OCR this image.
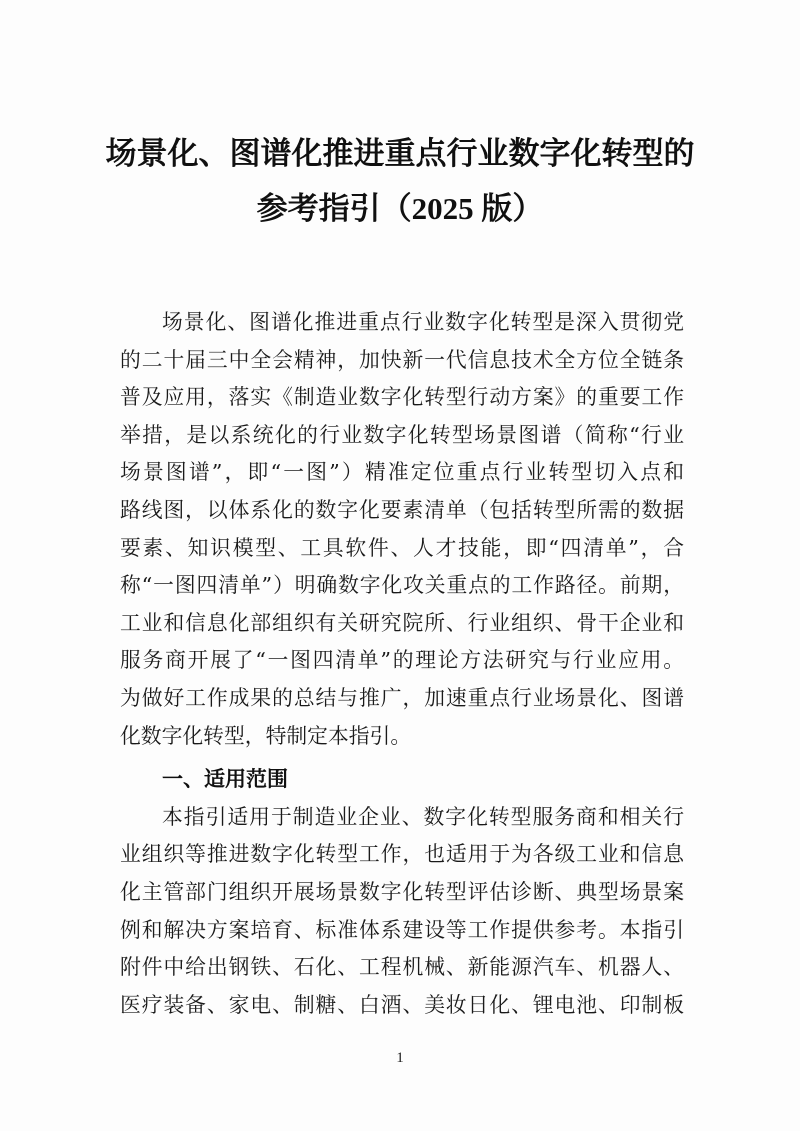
场景化、图谱化推进重点行业数字化转型的
参考指引（2025 版）
场景化、图谱化推进重点行业数字化转型是深入贯彻党
的二十届三中全会精神，加快新一代信息技术全方位全链条
普及应用，落实《制造业数字化转型行动方案》的重要工作
举措，是以系统化的行业数字化转型场景图谱（简称“行业
场景图谱”，即“一图”）精准定位重点行业转型切入点和
路线图，以体系化的数字化要素清单（包括转型所需的数据
要素、知识模型、工具软件、人才技能，即“四清单”，合
称“一图四清单”）明确数字化攻关重点的工作路径。前期，
工业和信息化部组织有关研究院所、行业组织、骨干企业和
服务商开展了“一图四清单”的理论方法研究与行业应用。
为做好工作成果的总结与推广，加速重点行业场景化、图谱
化数字化转型，特制定本指引。
一、适用范围
本指引适用于制造业企业、数字化转型服务商和相关行
业组织等推进数字化转型工作，也适用于为各级工业和信息
化主管部门组织开展场景数字化转型评估诊断、典型场景案
例和解决方案培育、标准体系建设等工作提供参考。本指引
附件中给出钢铁、石化、工程机械、新能源汽车、机器人、
医疗装备、家电、制糖、白酒、美妆日化、锂电池、印制板
1
